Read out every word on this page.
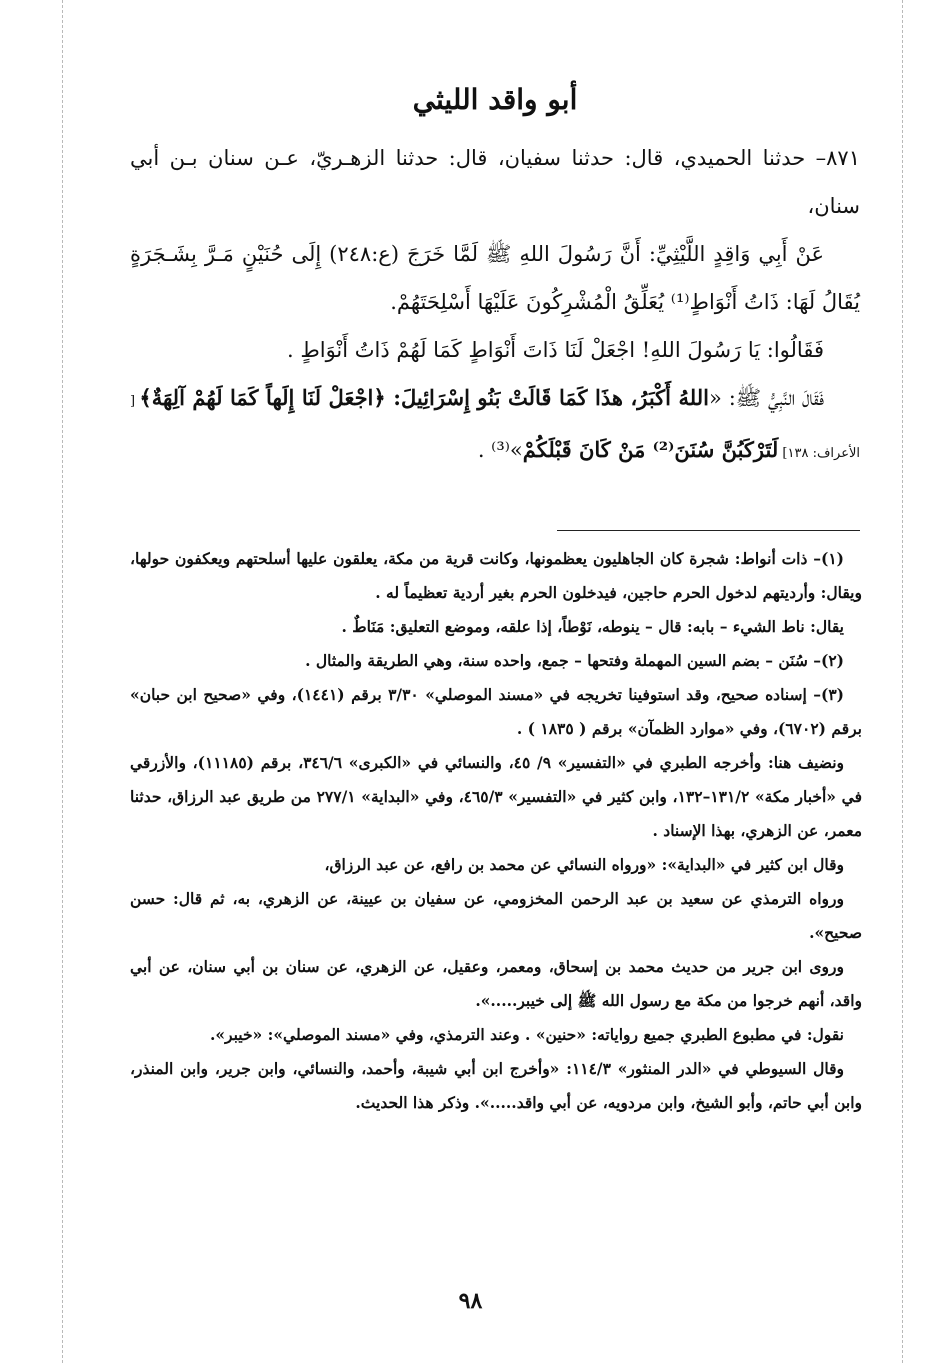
أبو واقد الليثي

٨٧١– حدثنا الحميدي، قال: حدثنا سفيان، قال: حدثنا الزهـريّ، عـن سنان بـن أبي سنان،

عَنْ أَبِي وَاقِدٍ اللَّيْثِيِّ: أَنَّ رَسُولَ اللهِ ﷺ لَمَّا خَرَجَ (ع:٢٤٨) إِلَى حُنَيْنٍ مَـرَّ بِشَـجَرَةٍ يُقَالُ لَهَا: ذَاتُ أَنْوَاطٍ⁽¹⁾ يُعَلِّقُ الْمُشْرِكُونَ عَلَيْهَا أَسْلِحَتَهُمْ.

فَقَالُوا: يَا رَسُولَ اللهِ! اجْعَلْ لَنَا ذَاتَ أَنْوَاطٍ كَمَا لَهُمْ ذَاتُ أَنْوَاطٍ .

فَقَالَ النَّبِيُّ ﷺ: «اللهُ أَكْبَرُ، هذَا كَمَا قَالَتْ بَنُو إِسْرَائِيلَ: ﴿اجْعَلْ لَنَا إِلَهاً كَمَا لَهُمْ آلِهَةٌ﴾ [ الأعراف: ١٣٨] لَتَرْكَبُنَّ سُنَنَ⁽²⁾ مَنْ كَانَ قَبْلَكُمْ»⁽³⁾ .

(١)– ذات أنواط: شجرة كان الجاهليون يعظمونها، وكانت قرية من مكة، يعلقون عليها أسلحتهم ويعكفون حولها، ويقال: وأرديتهم لدخول الحرم حاجين، فيدخلون الحرم بغير أردية تعظيماً له .

يقال: ناط الشيء – بابه: قال – ينوطه، نَوْطاً، إذا علقه، وموضع التعليق: مَنَاطٌ .

(٢)– سُنَن – بضم السين المهملة وفتحها – جمع، واحده سنة، وهي الطريقة والمثال .

(٣)– إسناده صحيح، وقد استوفينا تخريجه في «مسند الموصلي» ٣/٣٠ برقم (١٤٤١)، وفي «صحيح ابن حبان» برقم (٦٧٠٢)، وفي «موارد الظمآن» برقم ( ١٨٣٥ ) .

ونضيف هنا: وأخرجه الطبري في «التفسير» ٩/ ٤٥، والنسائي في «الكبرى» ٣٤٦/٦، برقم (١١١٨٥)، والأزرقي في «أخبار مكة» ١٣١/٢–١٣٢، وابن كثير في «التفسير» ٤٦٥/٣، وفي «البداية» ٢٧٧/١ من طريق عبد الرزاق، حدثنا معمر، عن الزهري، بهذا الإسناد .

وقال ابن كثير في «البداية»: «ورواه النسائي عن محمد بن رافع، عن عبد الرزاق،

ورواه الترمذي عن سعيد بن عبد الرحمن المخزومي، عن سفيان بن عيينة، عن الزهري، به، ثم قال: حسن صحيح».

وروى ابن جرير من حديث محمد بن إسحاق، ومعمر، وعقيل، عن الزهري، عن سنان بن أبي سنان، عن أبي واقد، أنهم خرجوا من مكة مع رسول الله ﷺ إلى خيبر.....».

نقول: في مطبوع الطبري جميع رواياته: «حنين» . وعند الترمذي، وفي «مسند الموصلي»: «خيبر».

وقال السيوطي في «الدر المنثور» ١١٤/٣: «وأخرج ابن أبي شيبة، وأحمد، والنسائي، وابن جرير، وابن المنذر، وابن أبي حاتم، وأبو الشيخ، وابن مردويه، عن أبي واقد.....». وذكر هذا الحديث.

٩٨
